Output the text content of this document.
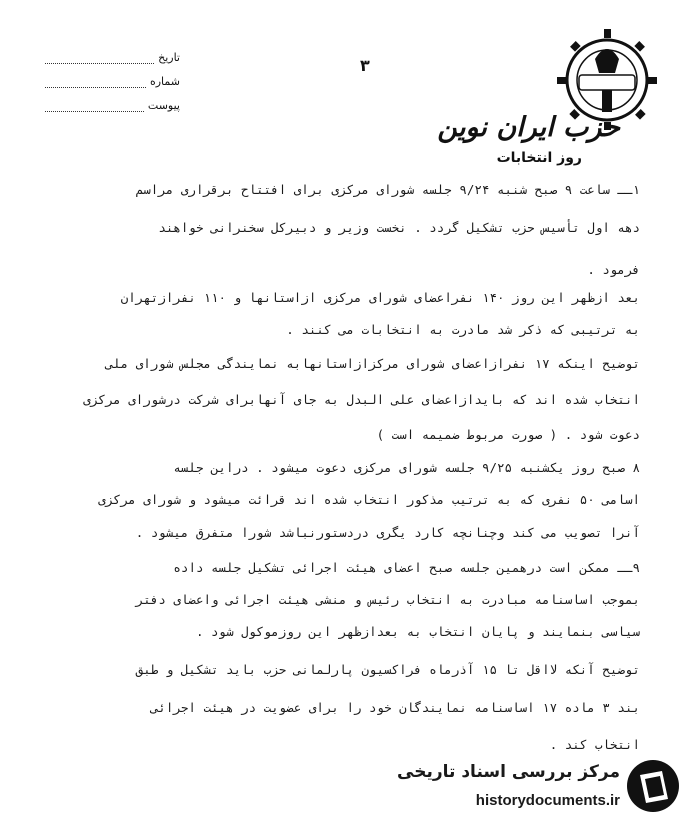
تاریخ
شماره
پیوست
۳
حزب ایران نوین
روز انتخابات
۱ــ ساعت ۹ صبح شنبه ۹/۲۴ جلسه شورای مرکزی برای افتتاح برقراری مراسم
دهه اول تأسیس حزب تشکیل گردد . نخست وزیر و دبیرکل سخنرانی خواهند
فرمود .
بعد ازظهر این روز ۱۴۰ نفراعضای شورای مرکزی ازاستانها و ۱۱۰ نفرازتهران
به ترتیبی که ذکر شد مادرت به انتخابات می کنند .
توضیح اینکه ۱۷ نفرازاعضای شورای مرکزازاستانهابه نمایندگی مجلس شورای ملی
انتخاب شده اند که بایدازاعضای علی البدل به جای آنهابرای شرکت درشورای مرکزی
دعوت شود . ( صورت مربوط ضمیمه است )
۸ صبح روز یکشنبه ۹/۲۵ جلسه شورای مرکزی دعوت میشود . دراین جلسه
اسامی ۵۰ نفری که به ترتیب مذکور انتخاب شده اند قرائت میشود و شورای مرکزی
آنرا تصویب می کند وچنانچه کارد یگری دردستورنباشد شورا متفرق میشود .
۹ــ ممکن است درهمین جلسه صبح اعضای هیئت اجرائی تشکیل جلسه داده
بموجب اساسنامه مبادرت به انتخاب رئیس و منشی هیئت اجرائی واعضای دفتر
سیاسی بنمایند و پایان انتخاب به بعدازظهر این روزموکول شود .
توضیح آنکه لااقل تا ۱۵ آذرماه فراکسیون پارلمانی حزب باید تشکیل و طبق
بند ۳ ماده ۱۷ اساسنامه نمایندگان خود را برای عضویت در هیئت اجرائی
انتخاب کند .
مرکز بررسی اسناد تاریخی
historydocuments.ir
